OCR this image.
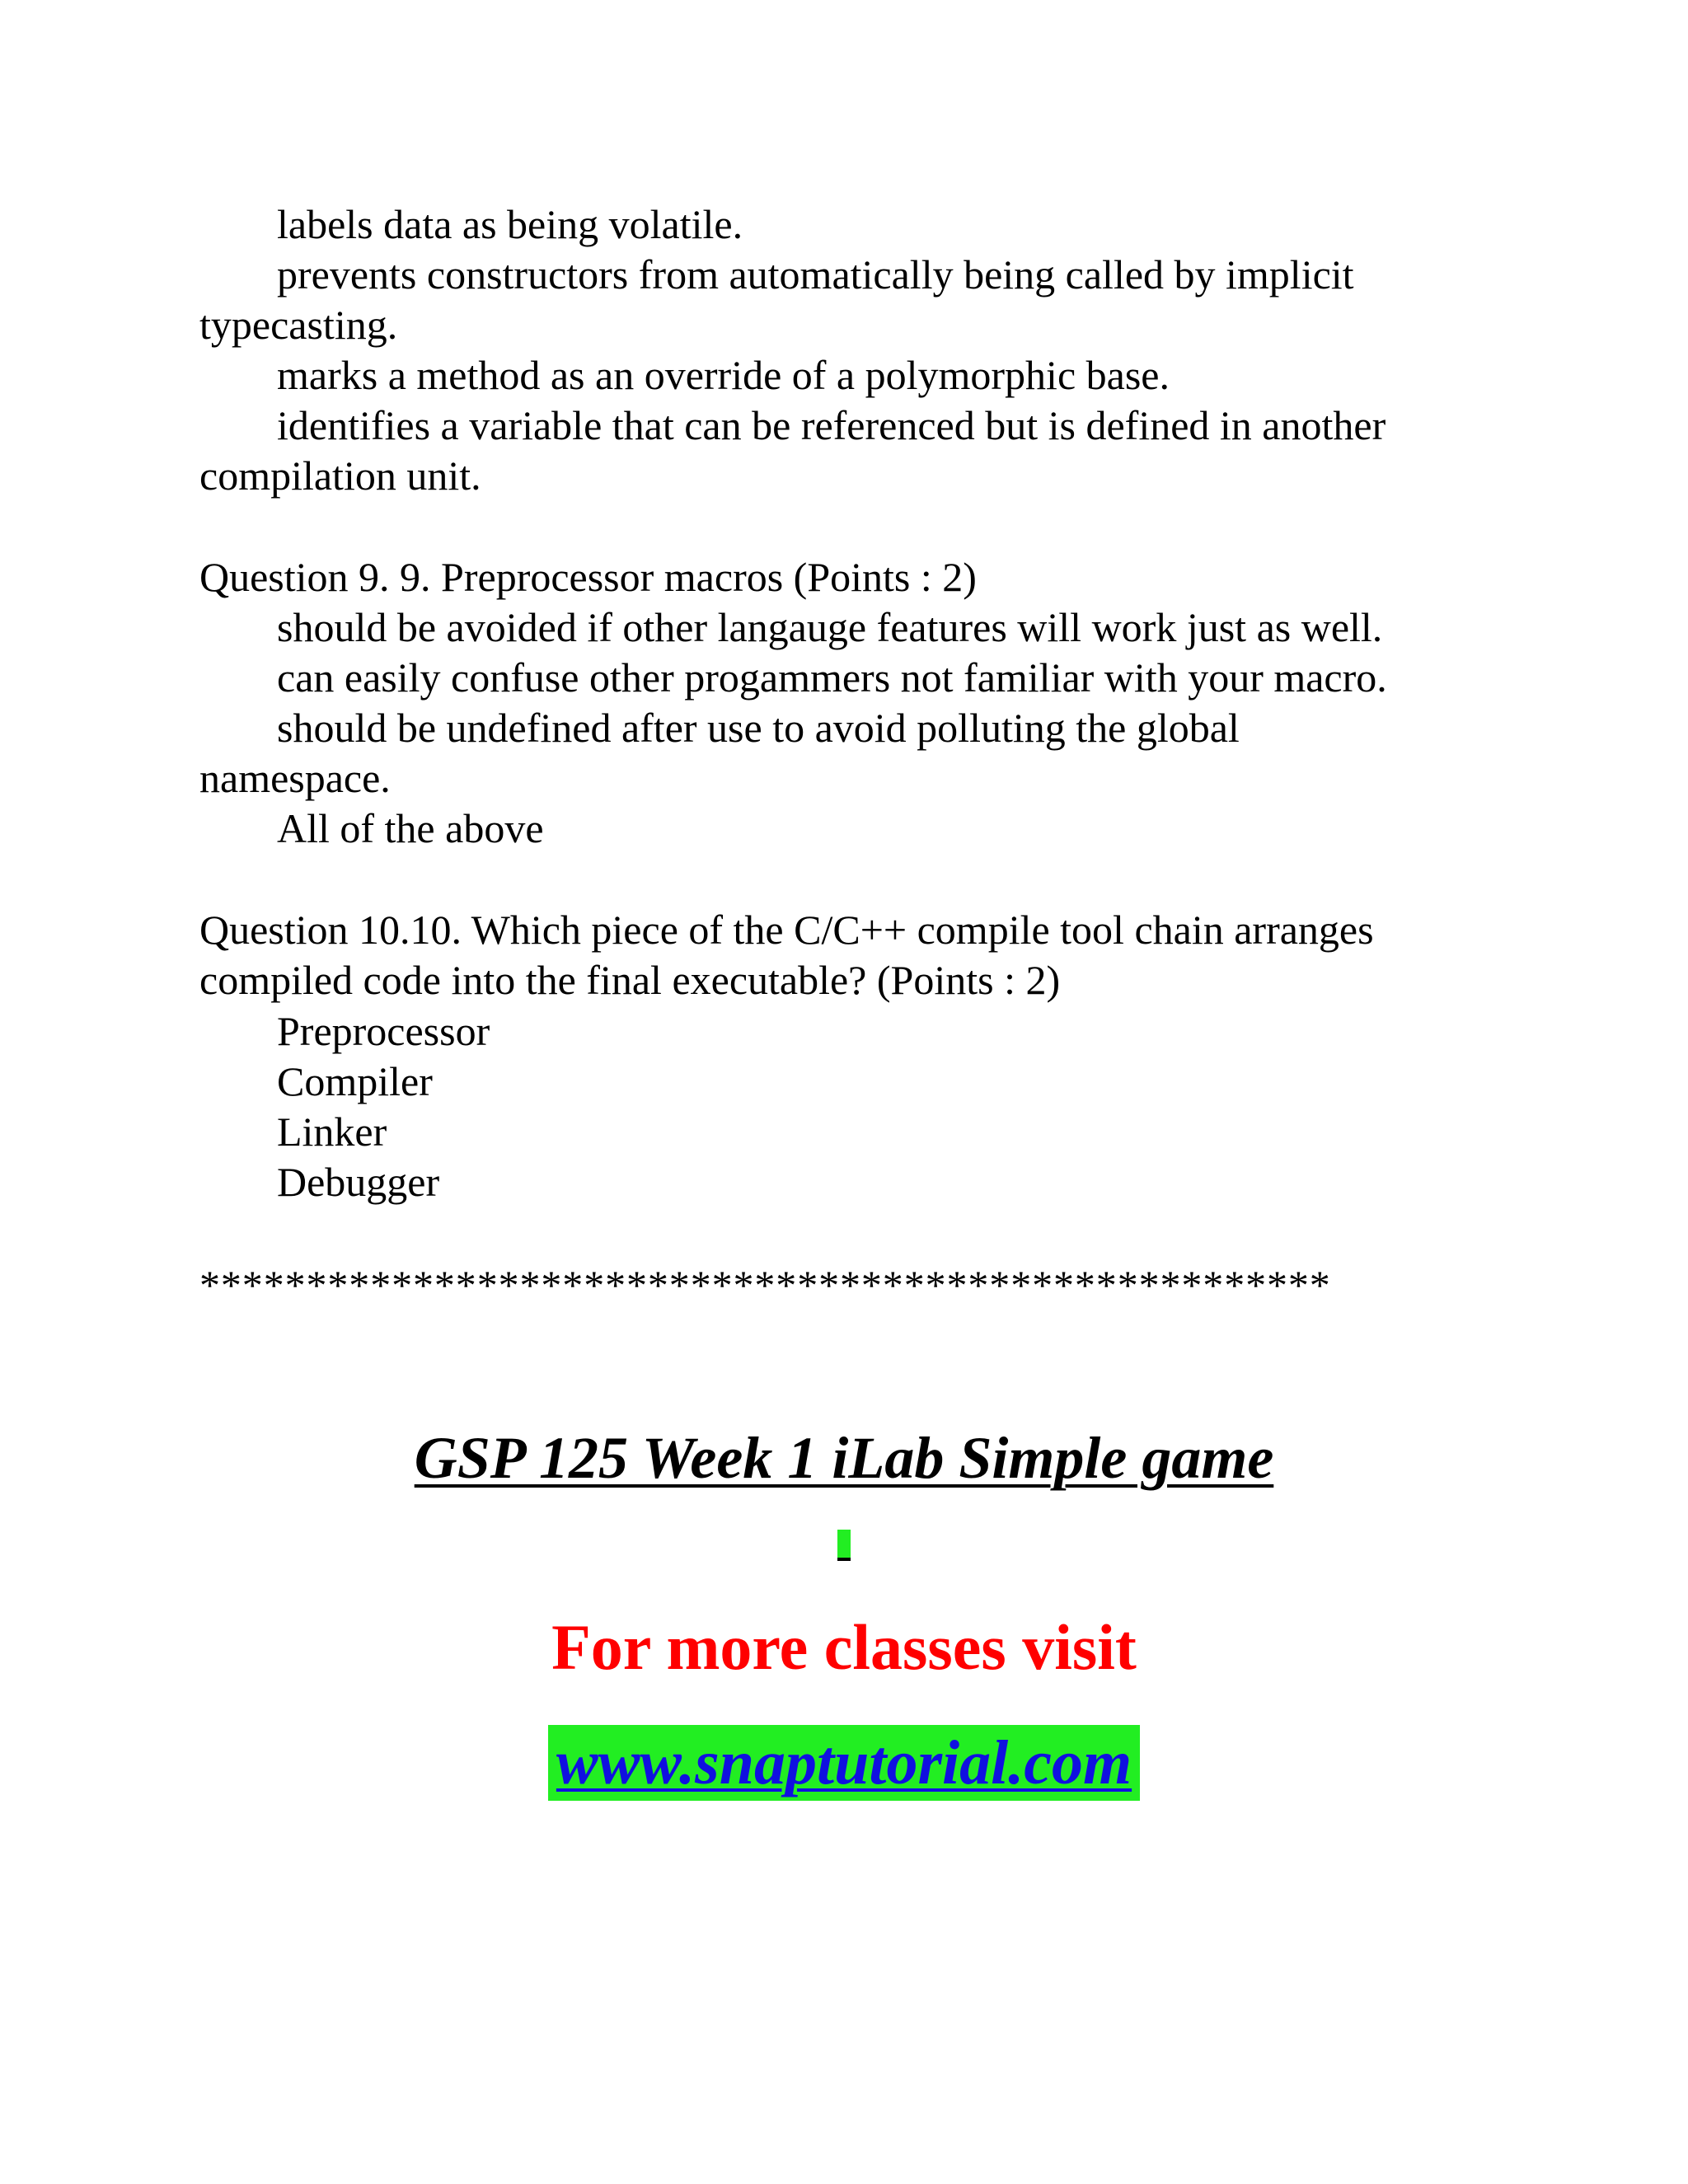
labels data as being volatile.
prevents constructors from automatically being called by implicit
typecasting.
marks a method as an override of a polymorphic base.
identifies a variable that can be referenced but is defined in another
compilation unit.
Question 9. 9. Preprocessor macros (Points : 2)
should be avoided if other langauge features will work just as well.
can easily confuse other progammers not familiar with your macro.
should be undefined after use to avoid polluting the global
namespace.
All of the above
Question 10.10. Which piece of the C/C++ compile tool chain arranges
compiled code into the final executable? (Points : 2)
Preprocessor
Compiler
Linker
Debugger
*****************************************************
GSP 125 Week 1 iLab Simple game
For more classes visit
www.snaptutorial.com
